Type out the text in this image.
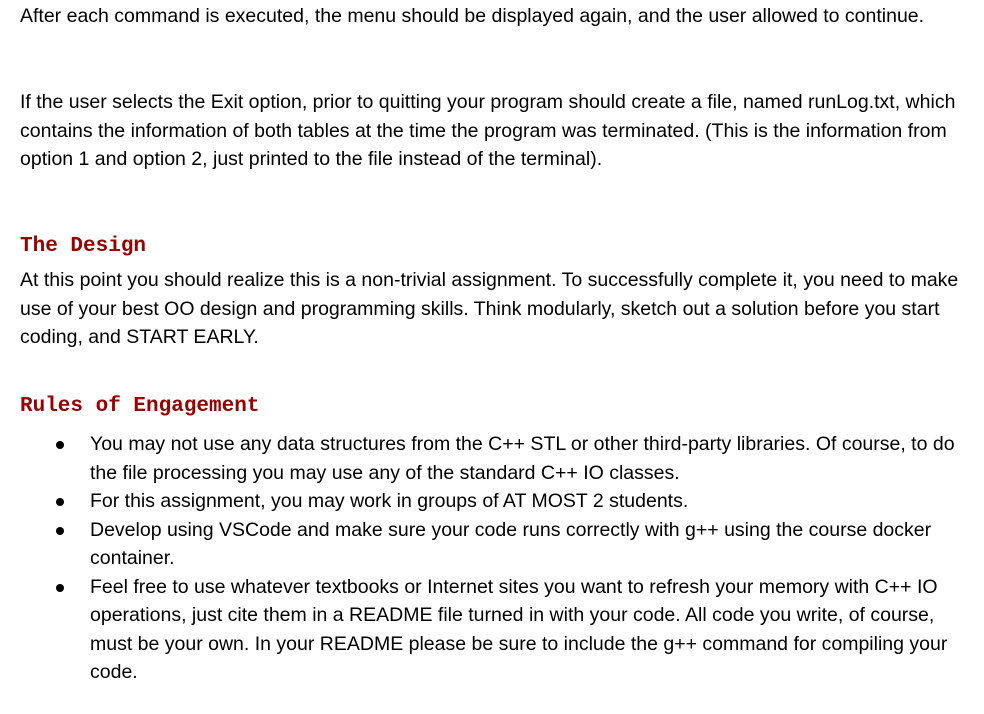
After each command is executed, the menu should be displayed again, and the user allowed to continue.

If the user selects the Exit option, prior to quitting your program should create a file, named runLog.txt, which contains the information of both tables at the time the program was terminated. (This is the information from option 1 and option 2, just printed to the file instead of the terminal).

The Design

At this point you should realize this is a non-trivial assignment. To successfully complete it, you need to make use of your best OO design and programming skills. Think modularly, sketch out a solution before you start coding, and START EARLY.

Rules of Engagement
You may not use any data structures from the C++ STL or other third-party libraries. Of course, to do the file processing you may use any of the standard C++ IO classes.
For this assignment, you may work in groups of AT MOST 2 students.
Develop using VSCode and make sure your code runs correctly with g++ using the course docker container.
Feel free to use whatever textbooks or Internet sites you want to refresh your memory with C++ IO operations, just cite them in a README file turned in with your code. All code you write, of course, must be your own. In your README please be sure to include the g++ command for compiling your code.
